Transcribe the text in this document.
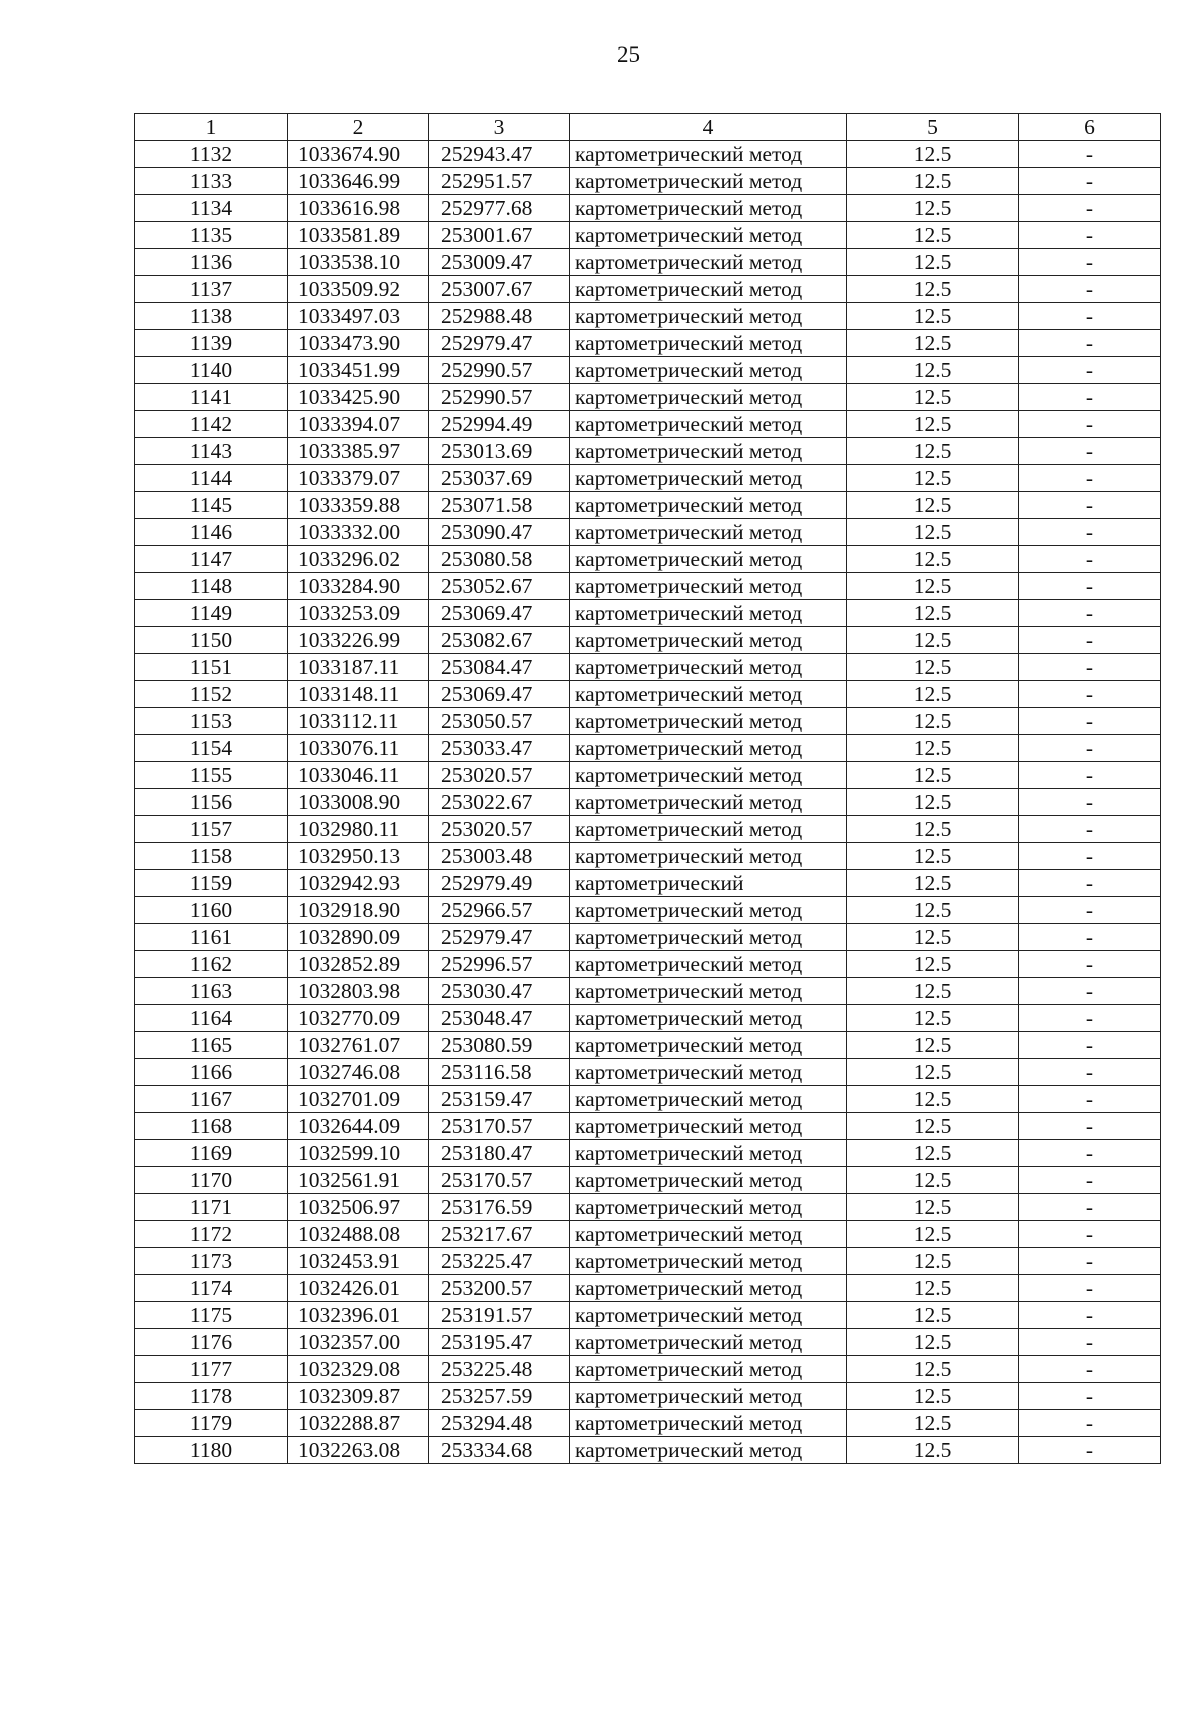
25
1	2	3	4	5	6
1132	1033674.90	252943.47	картометрический метод	12.5	-
1133	1033646.99	252951.57	картометрический метод	12.5	-
1134	1033616.98	252977.68	картометрический метод	12.5	-
1135	1033581.89	253001.67	картометрический метод	12.5	-
1136	1033538.10	253009.47	картометрический метод	12.5	-
1137	1033509.92	253007.67	картометрический метод	12.5	-
1138	1033497.03	252988.48	картометрический метод	12.5	-
1139	1033473.90	252979.47	картометрический метод	12.5	-
1140	1033451.99	252990.57	картометрический метод	12.5	-
1141	1033425.90	252990.57	картометрический метод	12.5	-
1142	1033394.07	252994.49	картометрический метод	12.5	-
1143	1033385.97	253013.69	картометрический метод	12.5	-
1144	1033379.07	253037.69	картометрический метод	12.5	-
1145	1033359.88	253071.58	картометрический метод	12.5	-
1146	1033332.00	253090.47	картометрический метод	12.5	-
1147	1033296.02	253080.58	картометрический метод	12.5	-
1148	1033284.90	253052.67	картометрический метод	12.5	-
1149	1033253.09	253069.47	картометрический метод	12.5	-
1150	1033226.99	253082.67	картометрический метод	12.5	-
1151	1033187.11	253084.47	картометрический метод	12.5	-
1152	1033148.11	253069.47	картометрический метод	12.5	-
1153	1033112.11	253050.57	картометрический метод	12.5	-
1154	1033076.11	253033.47	картометрический метод	12.5	-
1155	1033046.11	253020.57	картометрический метод	12.5	-
1156	1033008.90	253022.67	картометрический метод	12.5	-
1157	1032980.11	253020.57	картометрический метод	12.5	-
1158	1032950.13	253003.48	картометрический метод	12.5	-
1159	1032942.93	252979.49	картометрический	12.5	-
1160	1032918.90	252966.57	картометрический метод	12.5	-
1161	1032890.09	252979.47	картометрический метод	12.5	-
1162	1032852.89	252996.57	картометрический метод	12.5	-
1163	1032803.98	253030.47	картометрический метод	12.5	-
1164	1032770.09	253048.47	картометрический метод	12.5	-
1165	1032761.07	253080.59	картометрический метод	12.5	-
1166	1032746.08	253116.58	картометрический метод	12.5	-
1167	1032701.09	253159.47	картометрический метод	12.5	-
1168	1032644.09	253170.57	картометрический метод	12.5	-
1169	1032599.10	253180.47	картометрический метод	12.5	-
1170	1032561.91	253170.57	картометрический метод	12.5	-
1171	1032506.97	253176.59	картометрический метод	12.5	-
1172	1032488.08	253217.67	картометрический метод	12.5	-
1173	1032453.91	253225.47	картометрический метод	12.5	-
1174	1032426.01	253200.57	картометрический метод	12.5	-
1175	1032396.01	253191.57	картометрический метод	12.5	-
1176	1032357.00	253195.47	картометрический метод	12.5	-
1177	1032329.08	253225.48	картометрический метод	12.5	-
1178	1032309.87	253257.59	картометрический метод	12.5	-
1179	1032288.87	253294.48	картометрический метод	12.5	-
1180	1032263.08	253334.68	картометрический метод	12.5	-
